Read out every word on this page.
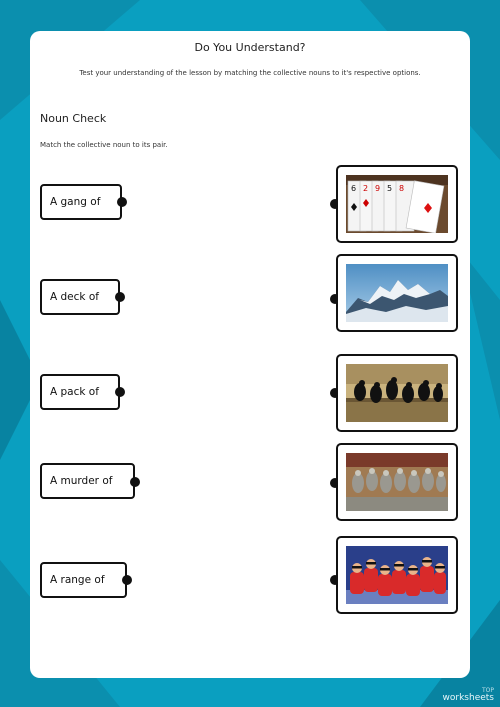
Do You Understand?
Test your understanding of the lesson by matching the collective nouns to it's respective options.
Noun Check
Match the collective noun to its pair.
A gang of
A deck of
A pack of
A murder of
A range of
6 2 9 5 8
TOP
worksheets
